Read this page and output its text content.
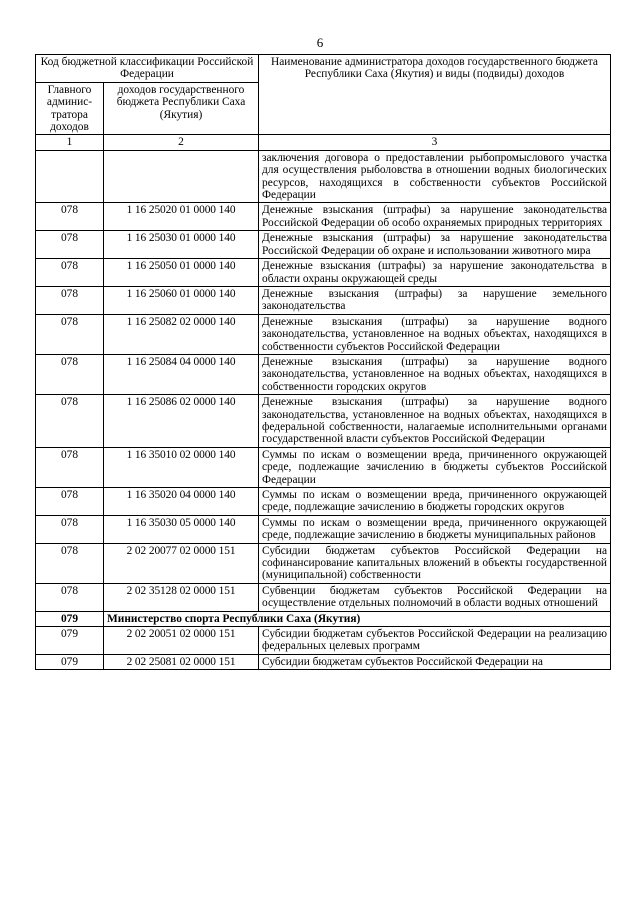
6
Код бюджетной классификации Российской Федерации		Наименование администратора доходов государственного бюджета Республики Саха (Якутия) и виды (подвиды) доходов
Главного админис-тратора доходов	доходов государственного бюджета Республики Саха (Якутия)	
1	2	3
		заключения договора о предоставлении рыбопромыслового участка для осуществления рыболовства в отношении водных биологических ресурсов, находящихся в собственности субъектов Российской Федерации
078	1 16 25020 01 0000 140	Денежные взыскания (штрафы) за нарушение законодательства Российской Федерации об особо охраняемых природных территориях
078	1 16 25030 01 0000 140	Денежные взыскания (штрафы) за нарушение законодательства Российской Федерации об охране и использовании животного мира
078	1 16 25050 01 0000 140	Денежные взыскания (штрафы) за нарушение законодательства в области охраны окружающей среды
078	1 16 25060 01 0000 140	Денежные взыскания (штрафы) за нарушение земельного законодательства
078	1 16 25082 02 0000 140	Денежные взыскания (штрафы) за нарушение водного законодательства, установленное на водных объектах, находящихся в собственности субъектов Российской Федерации
078	1 16 25084 04 0000 140	Денежные взыскания (штрафы) за нарушение водного законодательства, установленное на водных объектах, находящихся в собственности городских округов
078	1 16 25086 02 0000 140	Денежные взыскания (штрафы) за нарушение водного законодательства, установленное на водных объектах, находящихся в федеральной собственности, налагаемые исполнительными органами государственной власти субъектов Российской Федерации
078	1 16 35010 02 0000 140	Суммы по искам о возмещении вреда, причиненного окружающей среде, подлежащие зачислению в бюджеты субъектов Российской Федерации
078	1 16 35020 04 0000 140	Суммы по искам о возмещении вреда, причиненного окружающей среде, подлежащие зачислению в бюджеты городских округов
078	1 16 35030 05 0000 140	Суммы по искам о возмещении вреда, причиненного окружающей среде, подлежащие зачислению в бюджеты муниципальных районов
078	2 02 20077 02 0000 151	Субсидии бюджетам субъектов Российской Федерации на софинансирование капитальных вложений в объекты государственной (муниципальной) собственности
078	2 02 35128 02 0000 151	Субвенции бюджетам субъектов Российской Федерации на осуществление отдельных полномочий в области водных отношений
079	Министерство спорта Республики Саха (Якутия)	
079	2 02 20051 02 0000 151	Субсидии бюджетам субъектов Российской Федерации на реализацию федеральных целевых программ
079	2 02 25081 02 0000 151	Субсидии бюджетам субъектов Российской Федерации на
